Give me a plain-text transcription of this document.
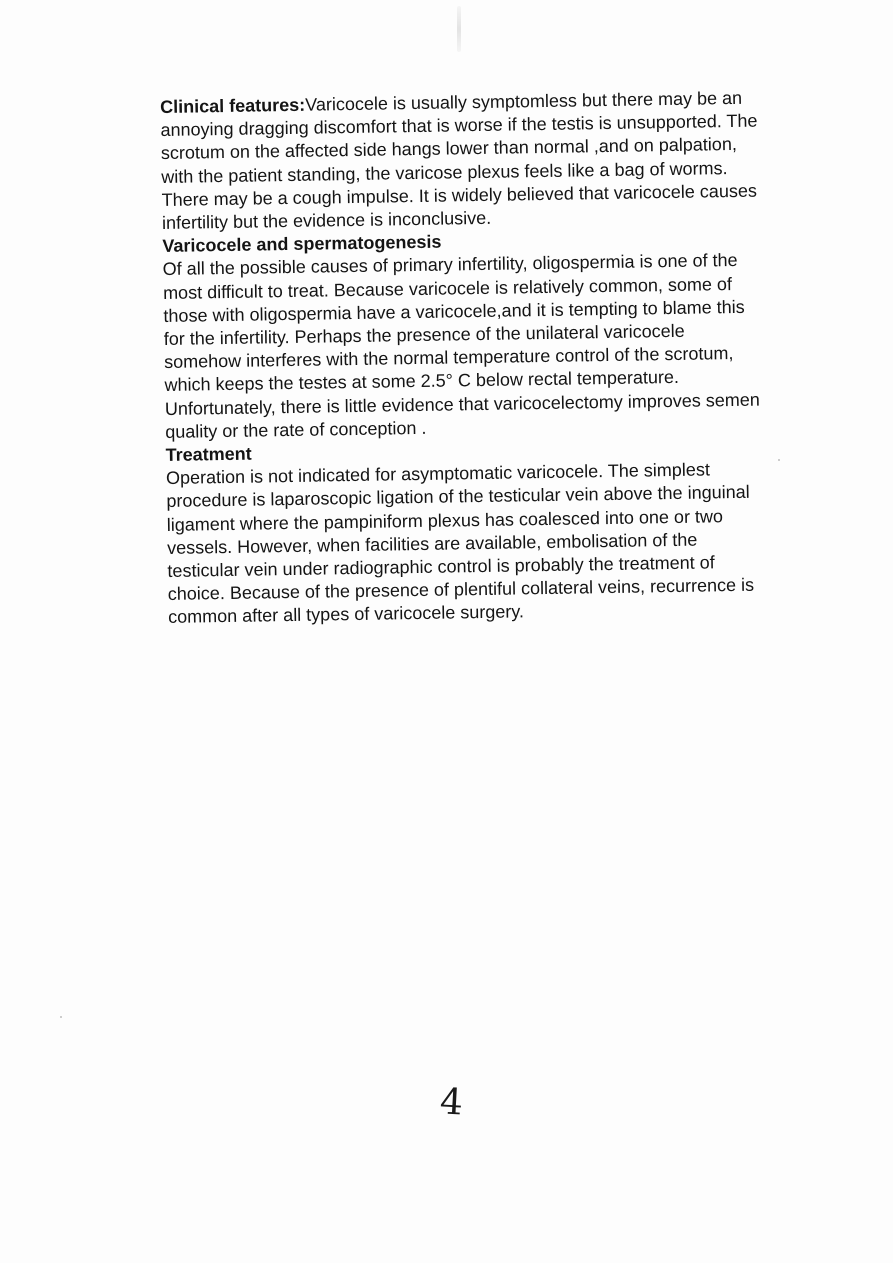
Clinical features:Varicocele is usually symptomless but there may be an annoying dragging discomfort that is worse if the testis is unsupported. The scrotum on the affected side hangs lower than normal ,and on palpation, with the patient standing, the varicose plexus feels like a bag of worms. There may be a cough impulse. It is widely believed that varicocele causes infertility but the evidence is inconclusive.

Varicocele and spermatogenesis

Of all the possible causes of primary infertility, oligospermia is one of the most difficult to treat. Because varicocele is relatively common, some of those with oligospermia have a varicocele,and it is tempting to blame this for the infertility. Perhaps the presence of the unilateral varicocele somehow interferes with the normal temperature control of the scrotum, which keeps the testes at some 2.5° C below rectal temperature. Unfortunately, there is little evidence that varicocelectomy improves semen quality or the rate of conception .

Treatment

Operation is not indicated for asymptomatic varicocele. The simplest procedure is laparoscopic ligation of the testicular vein above the inguinal ligament where the pampiniform plexus has coalesced into one or two vessels. However, when facilities are available, embolisation of the testicular vein under radiographic control is probably the treatment of choice. Because of the presence of plentiful collateral veins, recurrence is common after all types of varicocele surgery.

4
